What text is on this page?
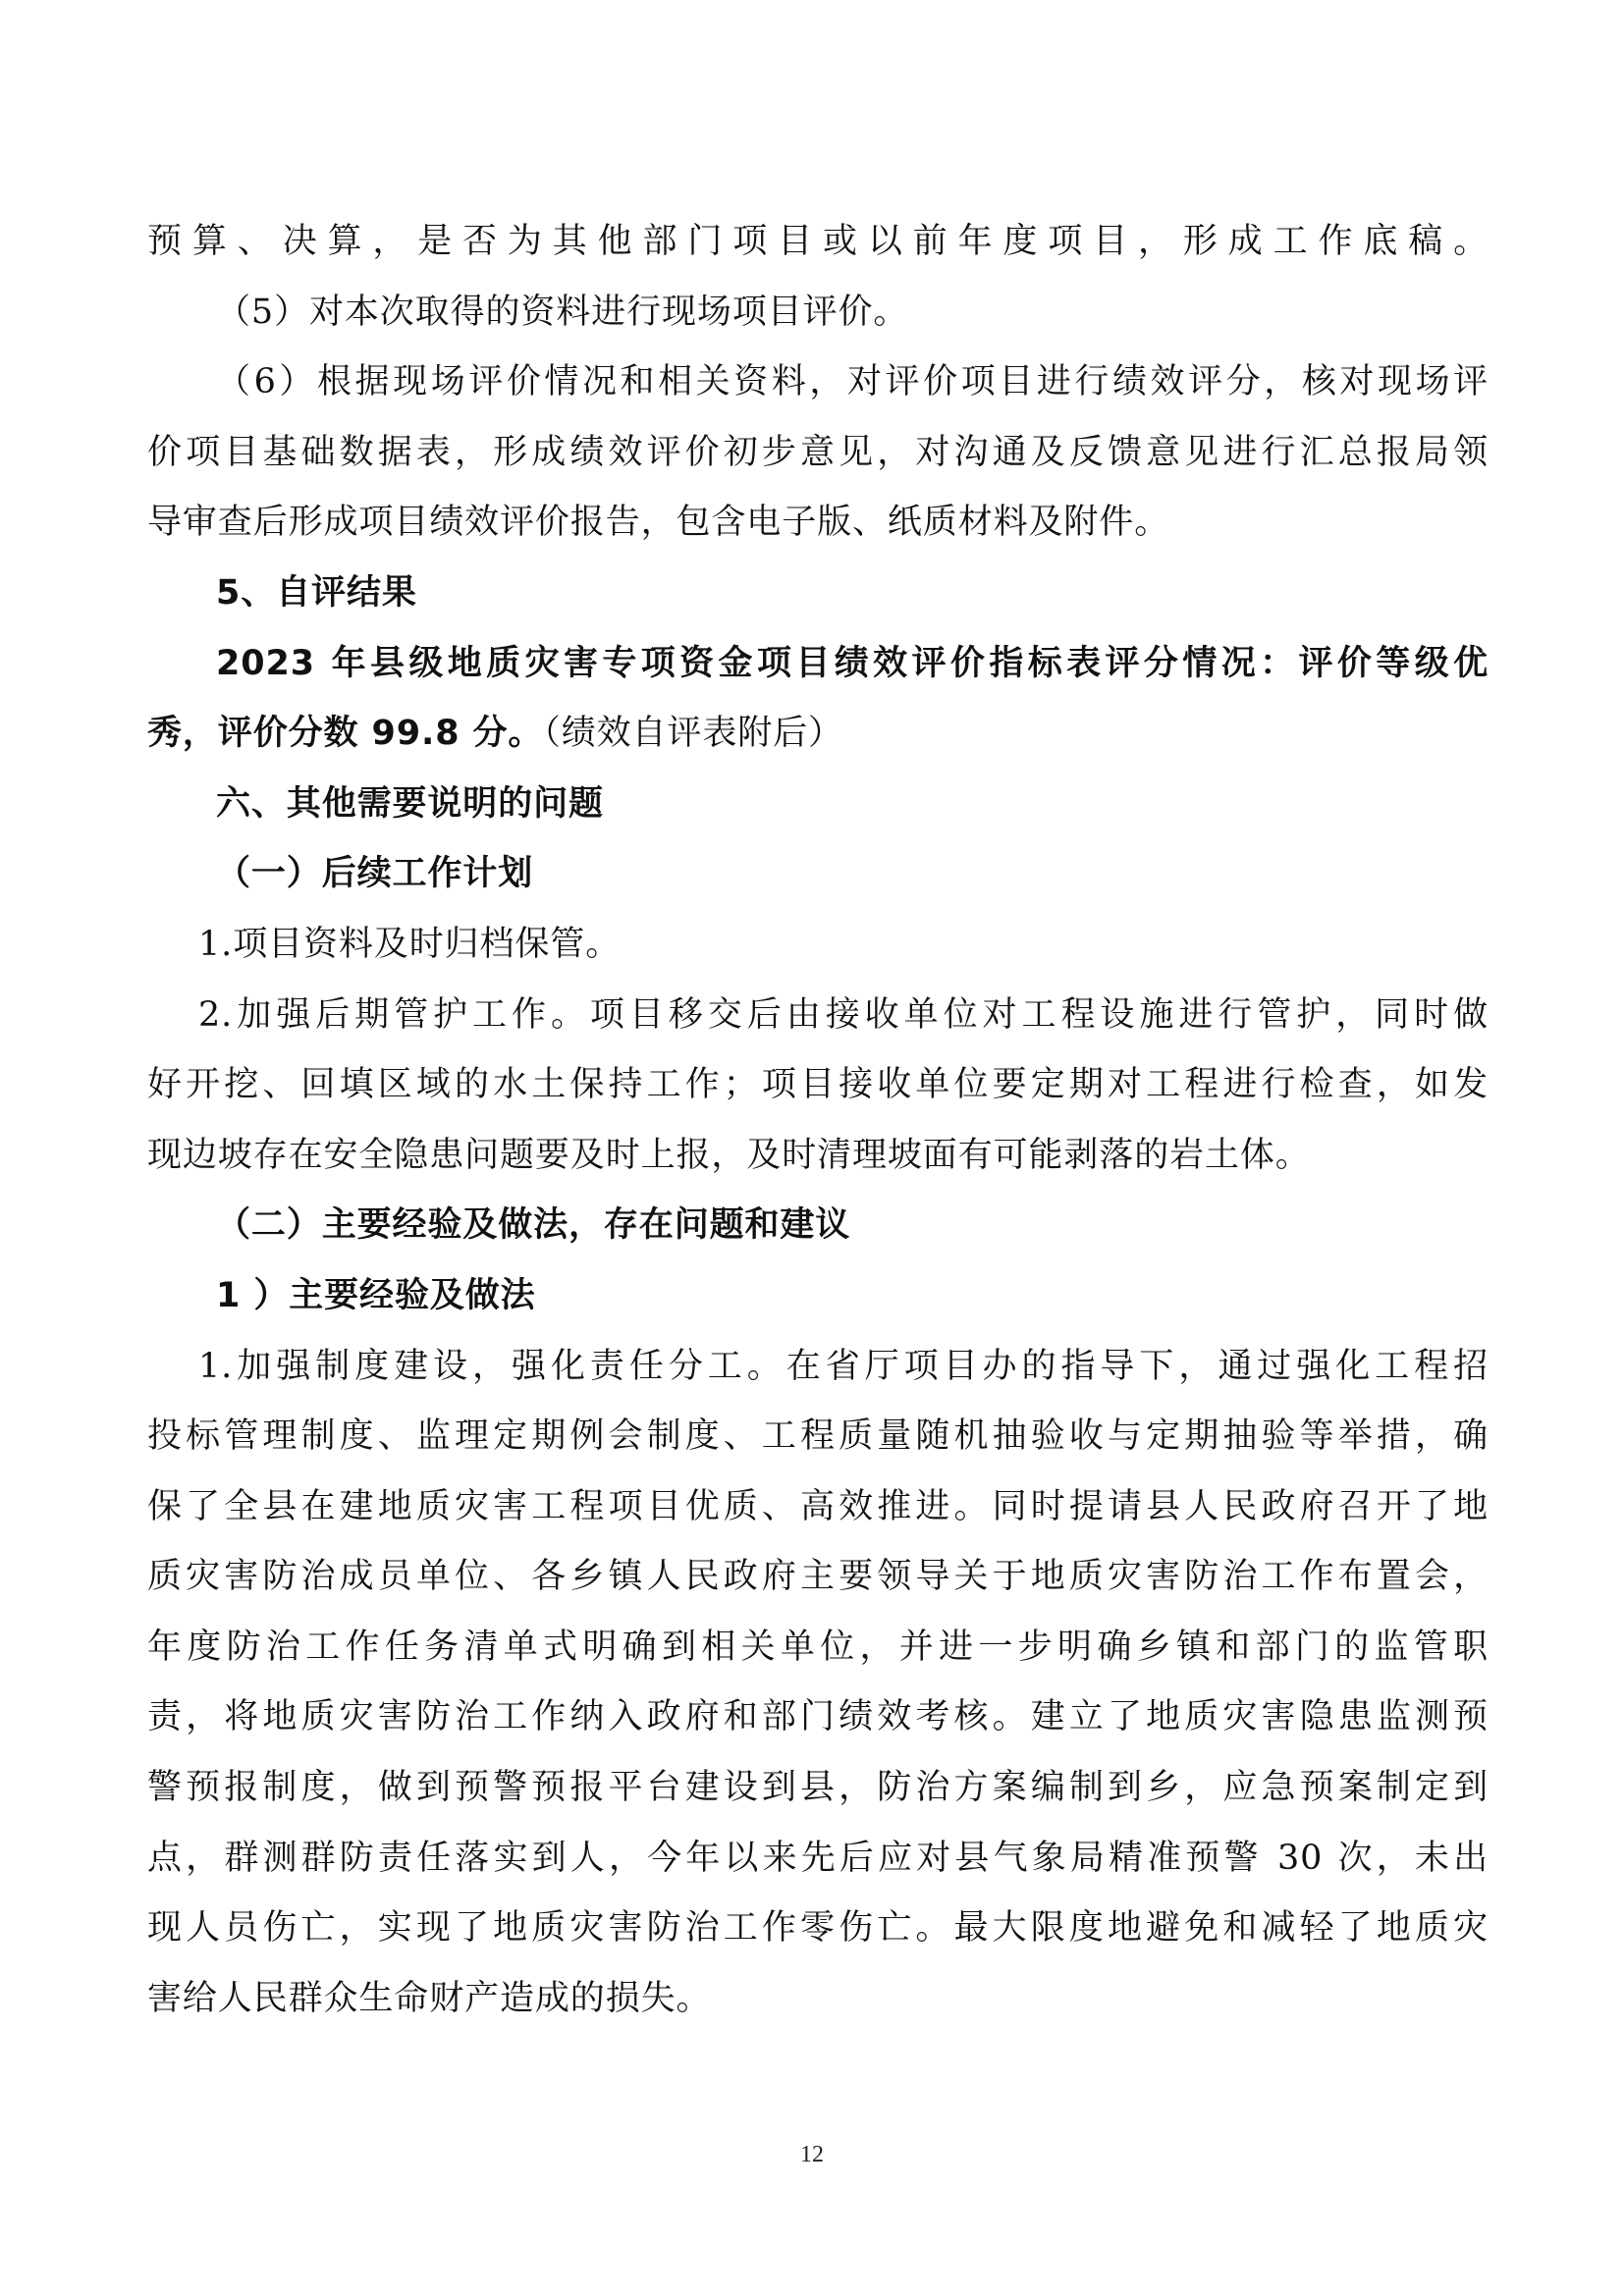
预算、决算，是否为其他部门项目或以前年度项目，形成工作底稿。
（5）对本次取得的资料进行现场项目评价。
（6）根据现场评价情况和相关资料，对评价项目进行绩效评分，核对现场评
价项目基础数据表，形成绩效评价初步意见，对沟通及反馈意见进行汇总报局领
导审查后形成项目绩效评价报告，包含电子版、纸质材料及附件。
5、自评结果
2023 年县级地质灾害专项资金项目绩效评价指标表评分情况：评价等级优
秀，评价分数 99.8 分。（绩效自评表附后）
六、其他需要说明的问题
（一）后续工作计划
1.项目资料及时归档保管。
2.加强后期管护工作。项目移交后由接收单位对工程设施进行管护，同时做
好开挖、回填区域的水土保持工作；项目接收单位要定期对工程进行检查，如发
现边坡存在安全隐患问题要及时上报，及时清理坡面有可能剥落的岩土体。
（二）主要经验及做法，存在问题和建议
1 ）主要经验及做法
1.加强制度建设，强化责任分工。在省厅项目办的指导下，通过强化工程招
投标管理制度、监理定期例会制度、工程质量随机抽验收与定期抽验等举措，确
保了全县在建地质灾害工程项目优质、高效推进。同时提请县人民政府召开了地
质灾害防治成员单位、各乡镇人民政府主要领导关于地质灾害防治工作布置会，
年度防治工作任务清单式明确到相关单位，并进一步明确乡镇和部门的监管职
责，将地质灾害防治工作纳入政府和部门绩效考核。建立了地质灾害隐患监测预
警预报制度，做到预警预报平台建设到县，防治方案编制到乡，应急预案制定到
点，群测群防责任落实到人，今年以来先后应对县气象局精准预警 30 次，未出
现人员伤亡，实现了地质灾害防治工作零伤亡。最大限度地避免和减轻了地质灾
害给人民群众生命财产造成的损失。
12
